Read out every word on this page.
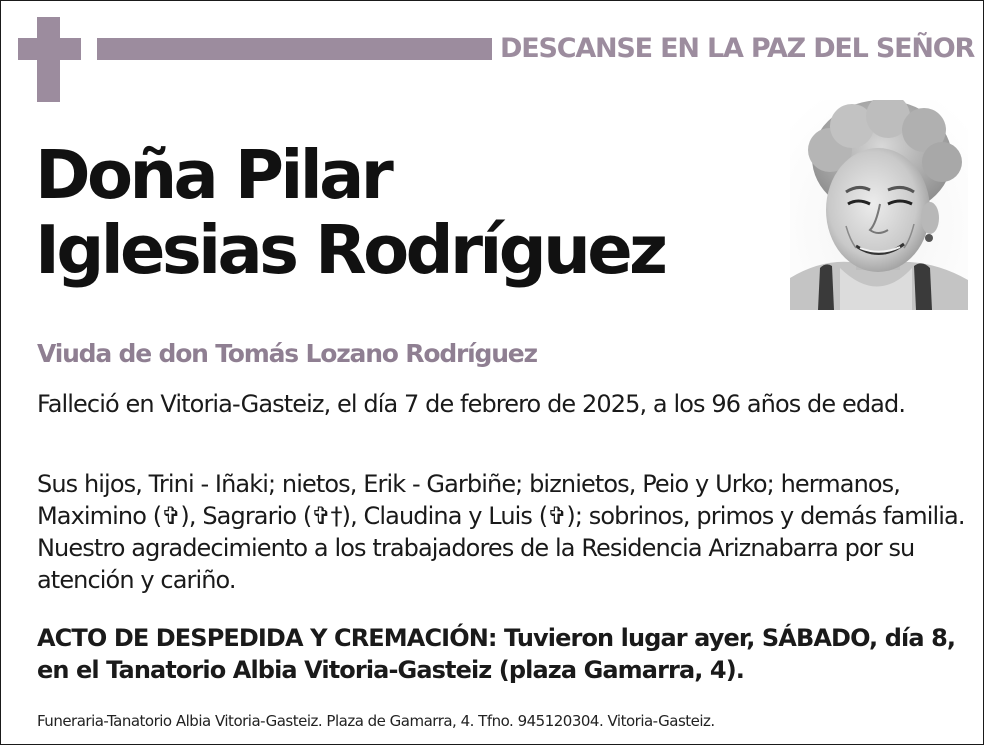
DESCANSE EN LA PAZ DEL SEÑOR
Doña Pilar
Iglesias Rodríguez
Viuda de don Tomás Lozano Rodríguez
Falleció en Vitoria-Gasteiz, el día 7 de febrero de 2025, a los 96 años de edad.
Sus hijos, Trini - Iñaki; nietos, Erik - Garbiñe; biznietos, Peio y Urko; hermanos, Maximino (✞), Sagrario (✞†), Claudina y Luis (✞); sobrinos, primos y demás familia. Nuestro agradecimiento a los trabajadores de la Residencia Ariznabarra por su atención y cariño.
ACTO DE DESPEDIDA Y CREMACIÓN: Tuvieron lugar ayer, SÁBADO, día 8, en el Tanatorio Albia Vitoria-Gasteiz (plaza Gamarra, 4).
Funeraria-Tanatorio Albia Vitoria-Gasteiz. Plaza de Gamarra, 4. Tfno. 945120304. Vitoria-Gasteiz.
